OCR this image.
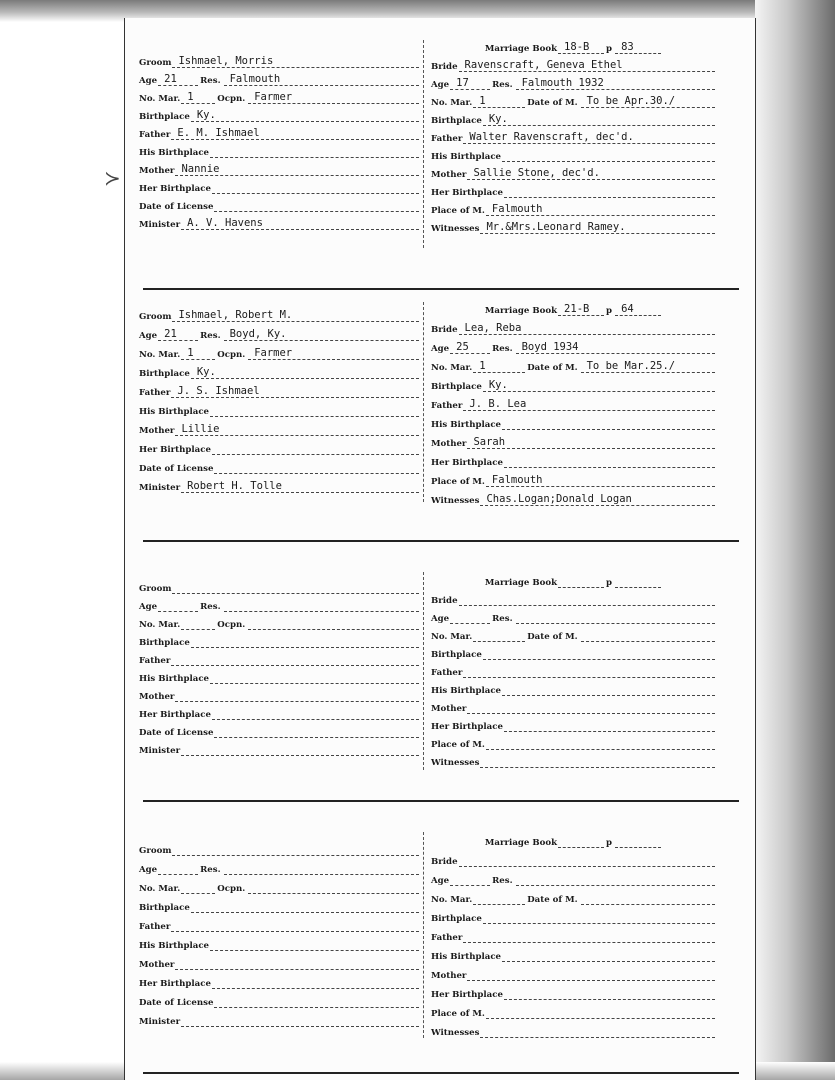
≻
Groom Ishmael, Morris
Age 21	Res. Falmouth
No. Mar. 1	Ocpn. Farmer
Birthplace Ky.
Father E. M. Ishmael
His Birthplace
Mother Nannie
Her Birthplace
Date of License
Minister A. V. Havens
Marriage Book 18-B	p 83
Bride Ravenscraft, Geneva Ethel
Age 17	Res. Falmouth 1932
No. Mar. 1	Date of M. To be Apr.30./
Birthplace Ky.
Father Walter Ravenscraft, dec'd.
His Birthplace
Mother Sallie Stone, dec'd.
Her Birthplace
Place of M. Falmouth
Witnesses Mr.&Mrs.Leonard Ramey.
Groom Ishmael, Robert M.
Age 21	Res. Boyd, Ky.
No. Mar. 1	Ocpn. Farmer
Birthplace Ky.
Father J. S. Ishmael
His Birthplace
Mother Lillie
Her Birthplace
Date of License
Minister Robert H. Tolle
Marriage Book 21-B	p 64
Bride Lea, Reba
Age 25	Res. Boyd 1934
No. Mar. 1	Date of M. To be Mar.25./
Birthplace Ky.
Father J. B. Lea
His Birthplace
Mother Sarah
Her Birthplace
Place of M. Falmouth
Witnesses Chas.Logan;Donald Logan
Groom
Age	Res.
No. Mar.	Ocpn.
Birthplace
Father
His Birthplace
Mother
Her Birthplace
Date of License
Minister
Marriage Book	p
Bride
Age	Res.
No. Mar.	Date of M.
Birthplace
Father
His Birthplace
Mother
Her Birthplace
Place of M.
Witnesses
Groom
Age	Res.
No. Mar.	Ocpn.
Birthplace
Father
His Birthplace
Mother
Her Birthplace
Date of License
Minister
Marriage Book	p
Bride
Age	Res.
No. Mar.	Date of M.
Birthplace
Father
His Birthplace
Mother
Her Birthplace
Place of M.
Witnesses
